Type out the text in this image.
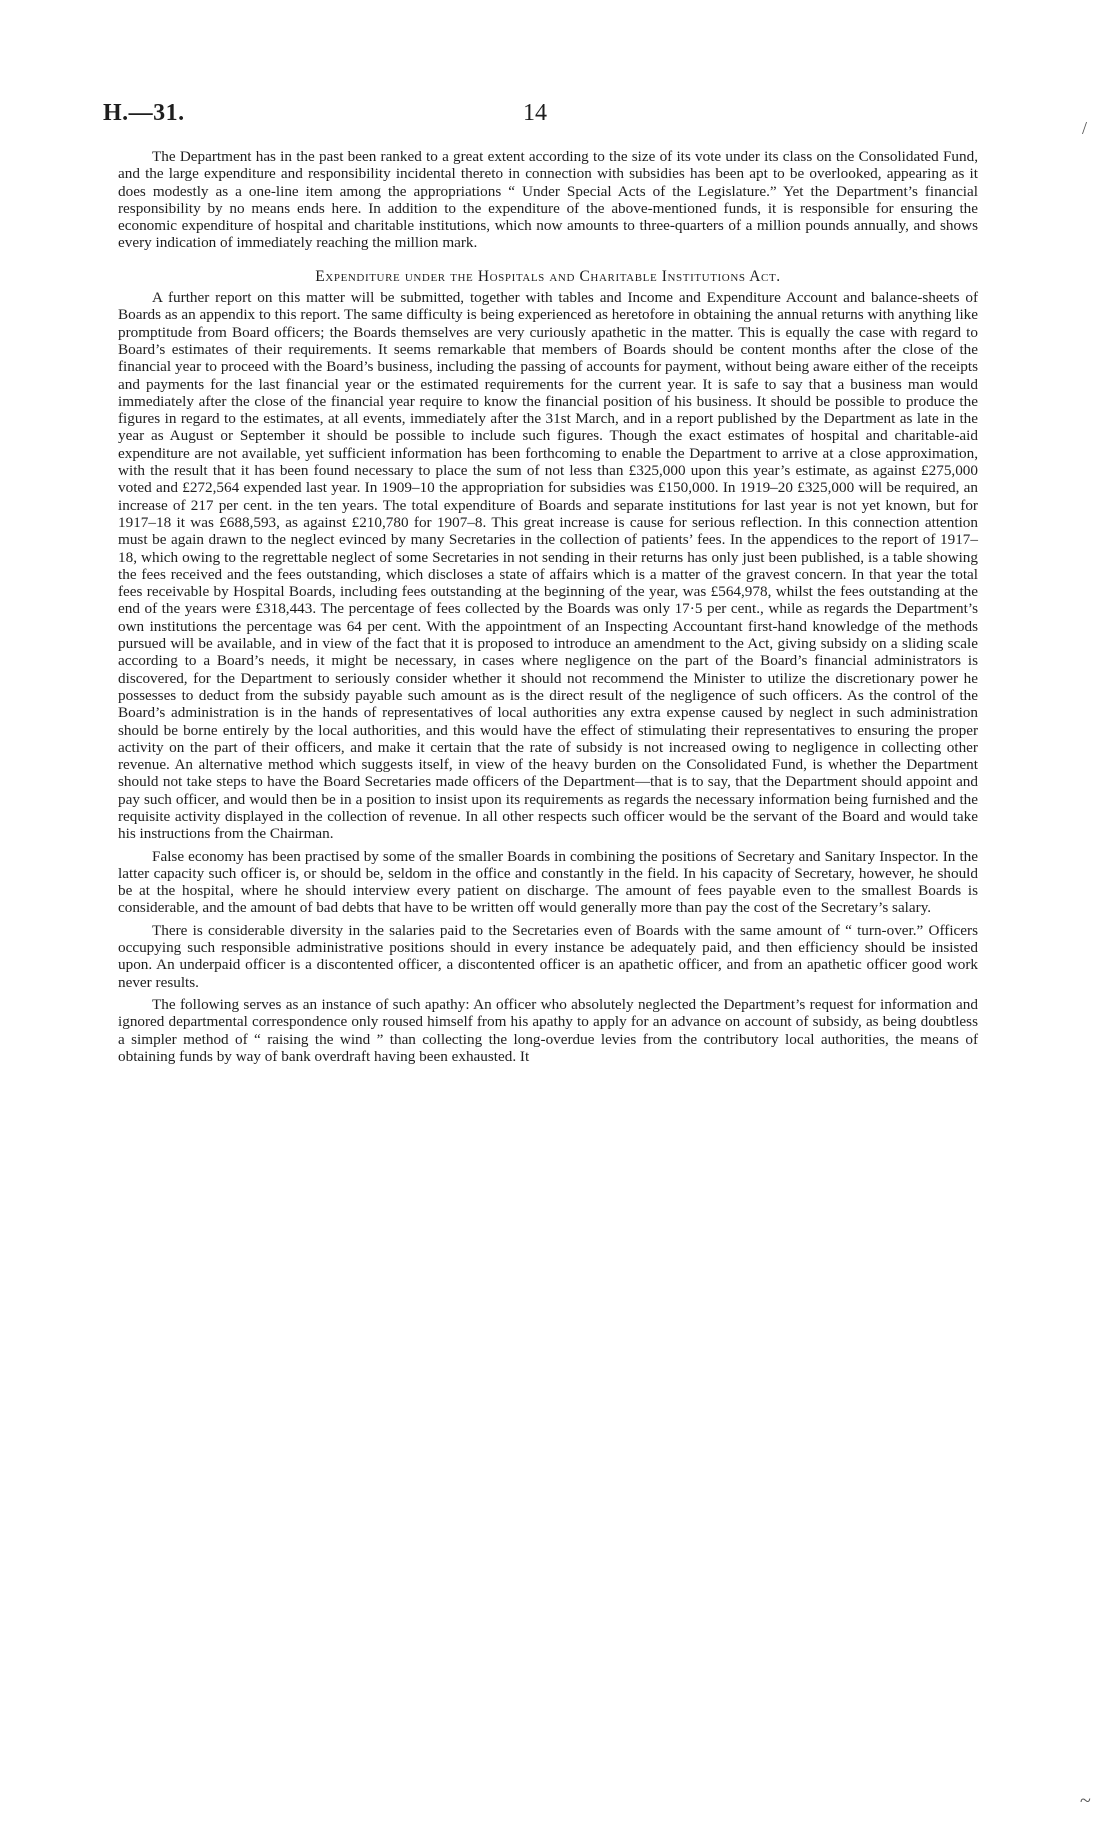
H.—31.	14
/

The Department has in the past been ranked to a great extent according to the size of its vote under its class on the Consolidated Fund, and the large expenditure and responsibility incidental thereto in connection with subsidies has been apt to be overlooked, appearing as it does modestly as a one-line item among the appropriations “ Under Special Acts of the Legislature.” Yet the Department’s financial responsibility by no means ends here. In addition to the expenditure of the above-mentioned funds, it is responsible for ensuring the economic expenditure of hospital and charitable institutions, which now amounts to three-quarters of a million pounds annually, and shows every indication of immediately reaching the million mark.

Expenditure under the Hospitals and Charitable Institutions Act.

A further report on this matter will be submitted, together with tables and Income and Expenditure Account and balance-sheets of Boards as an appendix to this report. The same difficulty is being experienced as heretofore in obtaining the annual returns with anything like promptitude from Board officers; the Boards themselves are very curiously apathetic in the matter. This is equally the case with regard to Board’s estimates of their requirements. It seems remarkable that members of Boards should be content months after the close of the financial year to proceed with the Board’s business, including the passing of accounts for payment, without being aware either of the receipts and payments for the last financial year or the estimated requirements for the current year. It is safe to say that a business man would immediately after the close of the financial year require to know the financial position of his business. It should be possible to produce the figures in regard to the estimates, at all events, immediately after the 31st March, and in a report published by the Department as late in the year as August or September it should be possible to include such figures. Though the exact estimates of hospital and charitable-aid expenditure are not available, yet sufficient information has been forthcoming to enable the Department to arrive at a close approximation, with the result that it has been found necessary to place the sum of not less than £325,000 upon this year’s estimate, as against £275,000 voted and £272,564 expended last year. In 1909–10 the appropriation for subsidies was £150,000. In 1919–20 £325,000 will be required, an increase of 217 per cent. in the ten years. The total expenditure of Boards and separate institutions for last year is not yet known, but for 1917–18 it was £688,593, as against £210,780 for 1907–8. This great increase is cause for serious reflection. In this connection attention must be again drawn to the neglect evinced by many Secretaries in the collection of patients’ fees. In the appendices to the report of 1917–18, which owing to the regrettable neglect of some Secretaries in not sending in their returns has only just been published, is a table showing the fees received and the fees outstanding, which discloses a state of affairs which is a matter of the gravest concern. In that year the total fees receivable by Hospital Boards, including fees outstanding at the beginning of the year, was £564,978, whilst the fees outstanding at the end of the years were £318,443. The percentage of fees collected by the Boards was only 17·5 per cent., while as regards the Department’s own institutions the percentage was 64 per cent. With the appointment of an Inspecting Accountant first-hand knowledge of the methods pursued will be available, and in view of the fact that it is proposed to introduce an amendment to the Act, giving subsidy on a sliding scale according to a Board’s needs, it might be necessary, in cases where negligence on the part of the Board’s financial administrators is discovered, for the Department to seriously consider whether it should not recommend the Minister to utilize the discretionary power he possesses to deduct from the subsidy payable such amount as is the direct result of the negligence of such officers. As the control of the Board’s administration is in the hands of representatives of local authorities any extra expense caused by neglect in such administration should be borne entirely by the local authorities, and this would have the effect of stimulating their representatives to ensuring the proper activity on the part of their officers, and make it certain that the rate of subsidy is not increased owing to negligence in collecting other revenue. An alternative method which suggests itself, in view of the heavy burden on the Consolidated Fund, is whether the Department should not take steps to have the Board Secretaries made officers of the Department—that is to say, that the Department should appoint and pay such officer, and would then be in a position to insist upon its requirements as regards the necessary information being furnished and the requisite activity displayed in the collection of revenue. In all other respects such officer would be the servant of the Board and would take his instructions from the Chairman.

False economy has been practised by some of the smaller Boards in combining the positions of Secretary and Sanitary Inspector. In the latter capacity such officer is, or should be, seldom in the office and constantly in the field. In his capacity of Secretary, however, he should be at the hospital, where he should interview every patient on discharge. The amount of fees payable even to the smallest Boards is considerable, and the amount of bad debts that have to be written off would generally more than pay the cost of the Secretary’s salary.

There is considerable diversity in the salaries paid to the Secretaries even of Boards with the same amount of “ turn-over.” Officers occupying such responsible administrative positions should in every instance be adequately paid, and then efficiency should be insisted upon. An underpaid officer is a discontented officer, a discontented officer is an apathetic officer, and from an apathetic officer good work never results.

The following serves as an instance of such apathy: An officer who absolutely neglected the Department’s request for information and ignored departmental correspondence only roused himself from his apathy to apply for an advance on account of subsidy, as being doubtless a simpler method of “ raising the wind ” than collecting the long-overdue levies from the contributory local authorities, the means of obtaining funds by way of bank overdraft having been exhausted. It

~
